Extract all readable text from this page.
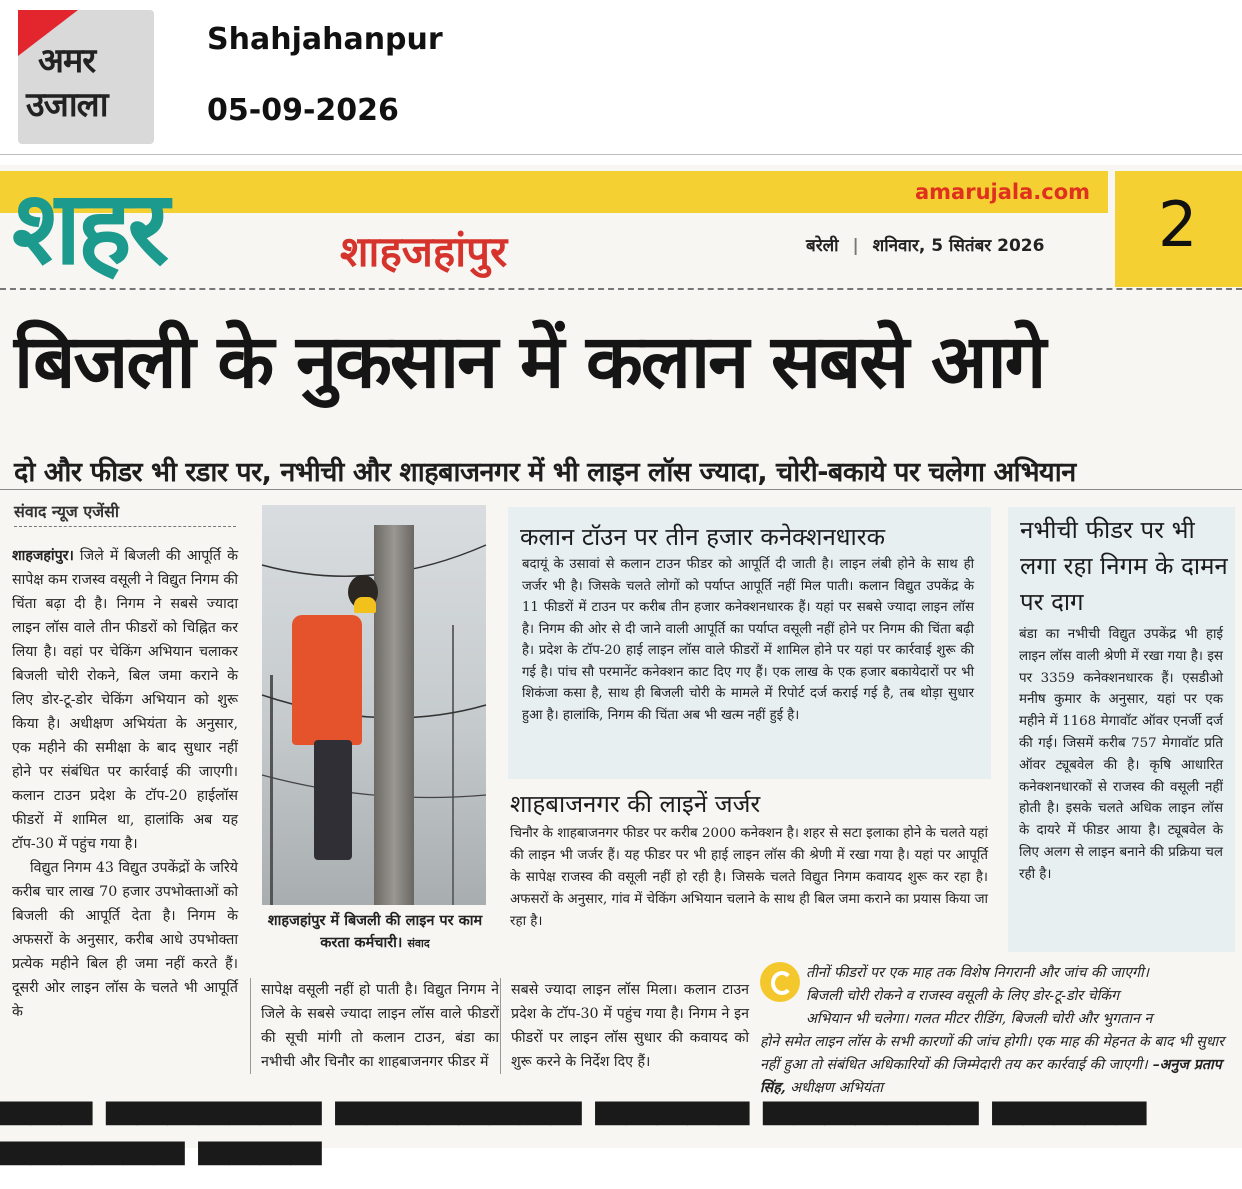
अमर
उजाला
Shahjahanpur
05-09-2026
amarujala.com 2
शहर	शाहजहांपुर	बरेली | शनिवार, 5 सितंबर 2026
बिजली के नुकसान में कलान सबसे आगे
दो और फीडर भी रडार पर, नभीची और शाहबाजनगर में भी लाइन लॉस ज्यादा, चोरी-बकाये पर चलेगा अभियान
संवाद न्यूज एजेंसी

शाहजहांपुर। जिले में बिजली की आपूर्ति के सापेक्ष कम राजस्व वसूली ने विद्युत निगम की चिंता बढ़ा दी है। निगम ने सबसे ज्यादा लाइन लॉस वाले तीन फीडरों को चिह्नित कर लिया है। वहां पर चेकिंग अभियान चलाकर बिजली चोरी रोकने, बिल जमा कराने के लिए डोर-टू-डोर चेकिंग अभियान को शुरू किया है। अधीक्षण अभियंता के अनुसार, एक महीने की समीक्षा के बाद सुधार नहीं होने पर संबंधित पर कार्रवाई की जाएगी। कलान टाउन प्रदेश के टॉप-20 हाईलॉस फीडरों में शामिल था, हालांकि अब यह टॉप-30 में पहुंच गया है।

विद्युत निगम 43 विद्युत उपकेंद्रों के जरिये करीब चार लाख 70 हजार उपभोक्ताओं को बिजली की आपूर्ति देता है। निगम के अफसरों के अनुसार, करीब आधे उपभोक्ता प्रत्येक महीने बिल ही जमा नहीं करते हैं। दूसरी ओर लाइन लॉस के चलते भी आपूर्ति के

शाहजहांपुर में बिजली की लाइन पर काम करता कर्मचारी। संवाद
सापेक्ष वसूली नहीं हो पाती है। विद्युत निगम ने जिले के सबसे ज्यादा लाइन लॉस वाले फीडरों की सूची मांगी तो कलान टाउन, बंडा का नभीची और चिनौर का शाहबाजनगर फीडर में
सबसे ज्यादा लाइन लॉस मिला। कलान टाउन प्रदेश के टॉप-30 में पहुंच गया है। निगम ने इन फीडरों पर लाइन लॉस सुधार की कवायद को शुरू करने के निर्देश दिए हैं।
कलान टॉउन पर तीन हजार कनेक्शनधारक
बदायूं के उसावां से कलान टाउन फीडर को आपूर्ति दी जाती है। लाइन लंबी होने के साथ ही जर्जर भी है। जिसके चलते लोगों को पर्याप्त आपूर्ति नहीं मिल पाती। कलान विद्युत उपकेंद्र के 11 फीडरों में टाउन पर करीब तीन हजार कनेक्शनधारक हैं। यहां पर सबसे ज्यादा लाइन लॉस है। निगम की ओर से दी जाने वाली आपूर्ति का पर्याप्त वसूली नहीं होने पर निगम की चिंता बढ़ी है। प्रदेश के टॉप-20 हाई लाइन लॉस वाले फीडरों में शामिल होने पर यहां पर कार्रवाई शुरू की गई है। पांच सौ परमानेंट कनेक्शन काट दिए गए हैं। एक लाख के एक हजार बकायेदारों पर भी शिकंजा कसा है, साथ ही बिजली चोरी के मामले में रिपोर्ट दर्ज कराई गई है, तब थोड़ा सुधार हुआ है। हालांकि, निगम की चिंता अब भी खत्म नहीं हुई है।
शाहबाजनगर की लाइनें जर्जर
चिनौर के शाहबाजनगर फीडर पर करीब 2000 कनेक्शन है। शहर से सटा इलाका होने के चलते यहां की लाइन भी जर्जर हैं। यह फीडर पर भी हाई लाइन लॉस की श्रेणी में रखा गया है। यहां पर आपूर्ति के सापेक्ष राजस्व की वसूली नहीं हो रही है। जिसके चलते विद्युत निगम कवायद शुरू कर रहा है। अफसरों के अनुसार, गांव में चेकिंग अभियान चलाने के साथ ही बिल जमा कराने का प्रयास किया जा रहा है।
नभीची फीडर पर भी लगा रहा निगम के दामन पर दाग
बंडा का नभीची विद्युत उपकेंद्र भी हाई लाइन लॉस वाली श्रेणी में रखा गया है। इस पर 3359 कनेक्शनधारक हैं। एसडीओ मनीष कुमार के अनुसार, यहां पर एक महीने में 1168 मेगावॉट ऑवर एनर्जी दर्ज की गई। जिसमें करीब 757 मेगावॉट प्रति ऑवर ट्यूबवेल की है। कृषि आधारित कनेक्शनधारकों से राजस्व की वसूली नहीं होती है। इसके चलते अधिक लाइन लॉस के दायरे में फीडर आया है। ट्यूबवेल के लिए अलग से लाइन बनाने की प्रक्रिया चल रही है।
तीनों फीडरों पर एक माह तक विशेष निगरानी और जांच की जाएगी।
बिजली चोरी रोकने व राजस्व वसूली के लिए डोर-टू-डोर चेकिंग
अभियान भी चलेगा। गलत मीटर रीडिंग, बिजली चोरी और भुगतान न
होने समेत लाइन लॉस के सभी कारणों की जांच होगी। एक माह की मेहनत के बाद भी सुधार नहीं हुआ तो संबंधित अधिकारियों की जिम्मेदारी तय कर कार्रवाई की जाएगी। –अनुज प्रताप सिंह, अधीक्षण अभियंता
▀▀▀ ▀▀▀▀▀▀▀ ▀▀▀▀▀▀▀▀ ▀▀▀▀▀ ▀▀▀▀▀▀▀ ▀▀▀▀▀ ▀▀▀▀▀▀ ▀▀▀▀
